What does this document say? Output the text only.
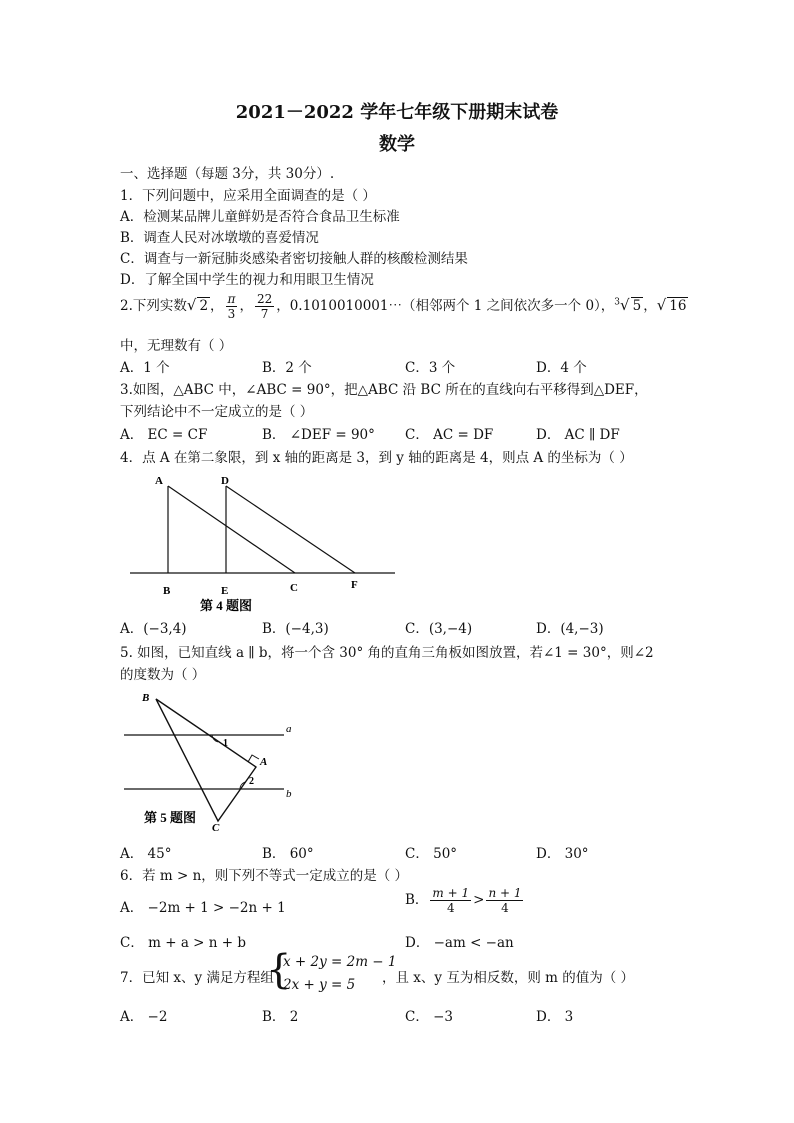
2021－2022 学年七年级下册期末试卷
数学
一、选择题（每题 3分，共 30分）.
1．下列问题中，应采用全面调查的是（ ）
A．检测某品牌儿童鲜奶是否符合食品卫生标准
B．调查人民对冰墩墩的喜爱情况
C．调查与一新冠肺炎感染者密切接触人群的核酸检测结果
D．了解全国中学生的视力和用眼卫生情况
2.下列实数√ 2 ， $\frac{\pi}{3}$ ， $\frac{22}{7}$ ，0.1010010001⋯（相邻两个 1 之间依次多一个 0），$^3$√ 5 ，√ 16
中，无理数有（ ）
A．1 个	B．2 个	C．3 个	D．4 个
3.如图，△ABC 中，∠ABC = 90°，把△ABC 沿 BC 所在的直线向右平移得到△DEF，
下列结论中不一定成立的是（ ）
A． EC = CF	B． ∠DEF = 90° C． AC = DF	D． AC ∥ DF
4．点 A 在第二象限，到 x 轴的距离是 3，到 y 轴的距离是 4，则点 A 的坐标为（ ）
A	D
B	E	C	F
第 4 题图
A．(−3,4)	B．(−4,3)	C．(3,−4)	D．(4,−3)
5. 如图，已知直线 a ∥ b，将一个含 30° 角的直角三角板如图放置，若∠1 = 30°，则∠2
的度数为（ ）
B
A
C
1
2
a
b
第 5 题图
A． 45°	B． 60°	C． 50°	D． 30°
6．若 m > n，则下列不等式一定成立的是（ ）
A． −2m + 1 > −2n + 1	B． $\frac{m + 1}{4} > \frac{n + 1}{4}$
C． m + a > n + b	D． −am < −an
7．已知 x、y 满足方程组
{
x + 2y = 2m − 1
2x + y = 5 ，且 x、y 互为相反数，则 m 的值为（ ）
A． −2	B． 2	C． −3	D． 3
